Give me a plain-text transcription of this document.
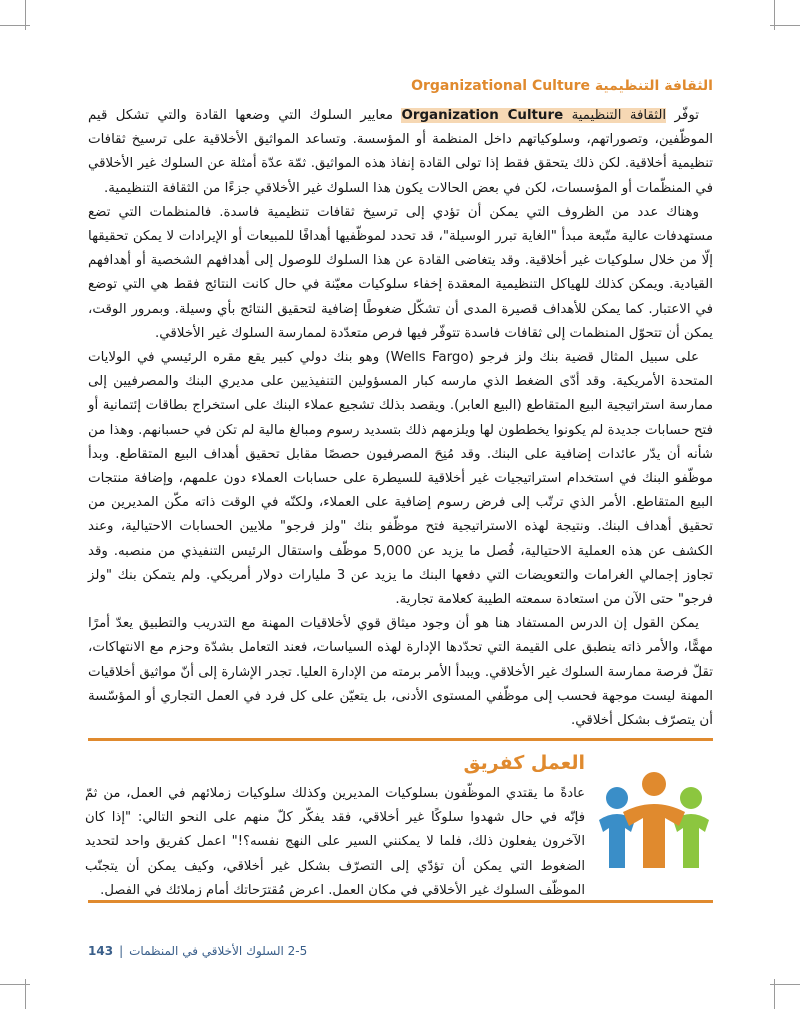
الثقافة التنظيمية Organizational Culture

توفّر الثقافة التنظيمية Organization Culture معايير السلوك التي وضعها القادة والتي تشكل قيم الموظّفين، وتصوراتهم، وسلوكياتهم داخل المنظمة أو المؤسسة. وتساعد المواثيق الأخلاقية على ترسيخ ثقافات تنظيمية أخلاقية. لكن ذلك يتحقق فقط إذا تولى القادة إنفاذ هذه المواثيق. ثمّة عدّة أمثلة عن السلوك غير الأخلاقي في المنظّمات أو المؤسسات، لكن في بعض الحالات يكون هذا السلوك غير الأخلاقي جزءًا من الثقافة التنظيمية.

وهناك عدد من الظروف التي يمكن أن تؤدي إلى ترسيخ ثقافات تنظيمية فاسدة. فالمنظمات التي تضع مستهدفات عالية متّبعة مبدأ "الغاية تبرر الوسيلة"، قد تحدد لموظّفيها أهدافًا للمبيعات أو الإيرادات لا يمكن تحقيقها إلّا من خلال سلوكيات غير أخلاقية. وقد يتغاضى القادة عن هذا السلوك للوصول إلى أهدافهم الشخصية أو أهدافهم القيادية. ويمكن كذلك للهياكل التنظيمية المعقدة إخفاء سلوكيات معيّنة في حال كانت النتائج فقط هي التي توضع في الاعتبار. كما يمكن للأهداف قصيرة المدى أن تشكّل ضغوطًا إضافية لتحقيق النتائج بأي وسيلة. وبمرور الوقت، يمكن أن تتحوّل المنظمات إلى ثقافات فاسدة تتوفّر فيها فرص متعدّدة لممارسة السلوك غير الأخلاقي.

على سبيل المثال قضية بنك ولز فرجو (Wells Fargo) وهو بنك دولي كبير يقع مقره الرئيسي في الولايات المتحدة الأمريكية. وقد أدّى الضغط الذي مارسه كبار المسؤولين التنفيذيين على مديري البنك والمصرفيين إلى ممارسة استراتيجية البيع المتقاطع (البيع العابر). ويقصد بذلك تشجيع عملاء البنك على استخراج بطاقات إئتمانية أو فتح حسابات جديدة لم يكونوا يخططون لها ويلزمهم ذلك بتسديد رسوم ومبالغ مالية لم تكن في حسبانهم. وهذا من شأنه أن يدّر عائدات إضافية على البنك. وقد مُنِحَ المصرفيون حصصًا مقابل تحقيق أهداف البيع المتقاطع. وبدأ موظّفو البنك في استخدام استراتيجيات غير أخلاقية للسيطرة على حسابات العملاء دون علمهم، وإضافة منتجات البيع المتقاطع. الأمر الذي ترتّب إلى فرض رسوم إضافية على العملاء، ولكنّه في الوقت ذاته مكّن المديرين من تحقيق أهداف البنك. ونتيجة لهذه الاستراتيجية فتح موظّفو بنك "ولز فرجو" ملايين الحسابات الاحتيالية، وعند الكشف عن هذه العملية الاحتيالية، فُصل ما يزيد عن 5,000 موظّف واستقال الرئيس التنفيذي من منصبه. وقد تجاوز إجمالي الغرامات والتعويضات التي دفعها البنك ما يزيد عن 3 مليارات دولار أمريكي. ولم يتمكن بنك "ولز فرجو" حتى الآن من استعادة سمعته الطيبة كعلامة تجارية.

يمكن القول إن الدرس المستفاد هنا هو أن وجود ميثاق قوي لأخلاقيات المهنة مع التدريب والتطبيق يعدّ أمرًا مهمًّا، والأمر ذاته ينطبق على القيمة التي تحدّدها الإدارة لهذه السياسات، فعند التعامل بشدّة وحزم مع الانتهاكات، تقلّ فرصة ممارسة السلوك غير الأخلاقي. ويبدأ الأمر برمته من الإدارة العليا. تجدر الإشارة إلى أنّ مواثيق أخلاقيات المهنة ليست موجهة فحسب إلى موظّفي المستوى الأدنى، بل يتعيّن على كل فرد في العمل التجاري أو المؤسّسة أن يتصرّف بشكل أخلاقي.

العمل كفريق
عادةً ما يقتدي الموظّفون بسلوكيات المديرين وكذلك سلوكيات زملائهم في العمل، من ثمّ فإنّه في حال شهدوا سلوكًا غير أخلاقي، فقد يفكّر كلّ منهم على النحو التالي: "إذا كان الآخرون يفعلون ذلك، فلما لا يمكنني السير على النهج نفسه؟!" اعمل كفريق واحد لتحديد الضغوط التي يمكن أن تؤدّي إلى التصرّف بشكل غير أخلاقي، وكيف يمكن أن يتجنّب الموظّف السلوك غير الأخلاقي في مكان العمل. اعرض مُقترَحاتك أمام زملائك في الفصل.
143 | 2-5 السلوك الأخلاقي في المنظمات
